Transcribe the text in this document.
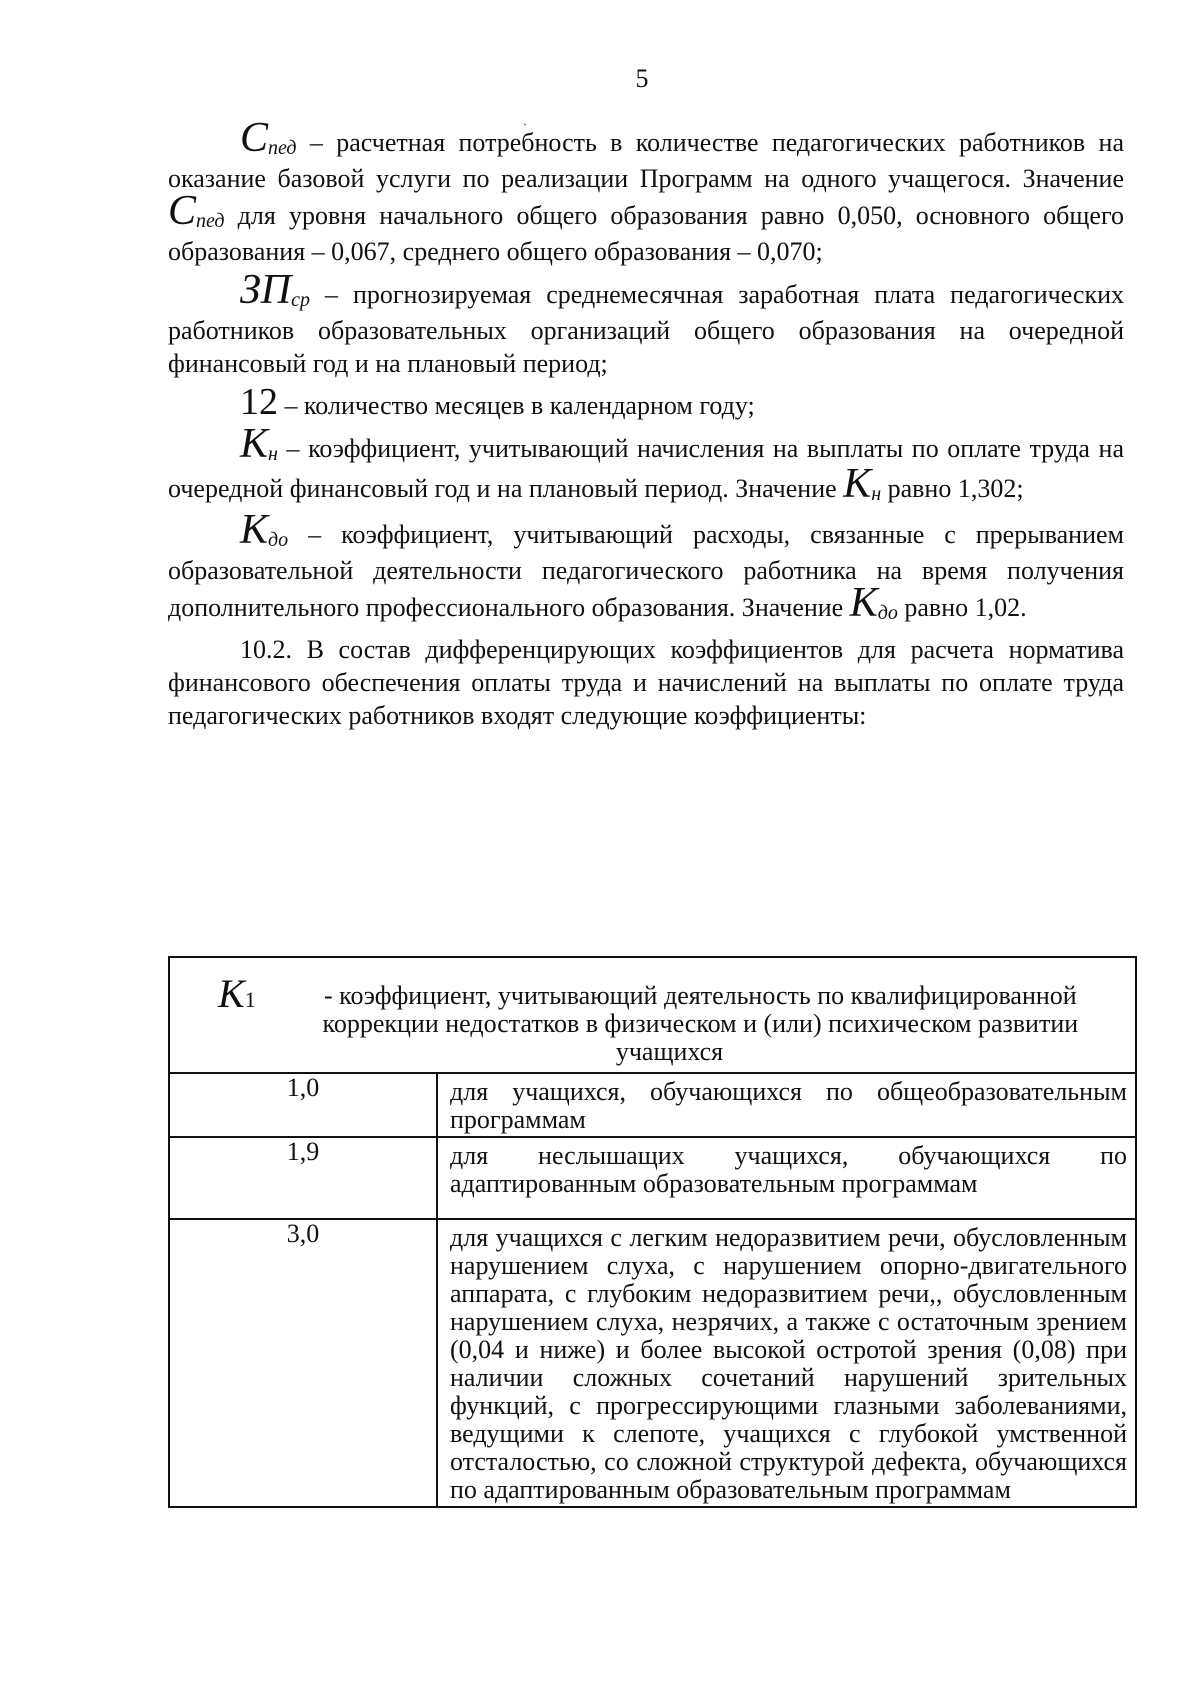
5
ˎ

Cпед – расчетная потребность в количестве педагогических работников на оказание базовой услуги по реализации Программ на одного учащегося. Значение Cпед для уровня начального общего образования равно 0,050, основного общего образования – 0,067, среднего общего образования – 0,070;

ЗПср – прогнозируемая среднемесячная заработная плата педагогических работников образовательных организаций общего образования на очередной финансовый год и на плановый период;

12 – количество месяцев в календарном году;

Kн – коэффициент, учитывающий начисления на выплаты по оплате труда на очередной финансовый год и на плановый период. Значение Kн равно 1,302;

Kдо – коэффициент, учитывающий расходы, связанные с прерыванием образовательной деятельности педагогического работника на время получения дополнительного профессионального образования. Значение Kдо равно 1,02.

10.2. В состав дифференцирующих коэффициентов для расчета норматива финансового обеспечения оплаты труда и начислений на выплаты по оплате труда педагогических работников входят следующие коэффициенты:

K1 - коэффициент, учитывающий деятельность по квалифицированной коррекции недостатков в физическом и (или) психическом развитии учащихся	

1,0	для учащихся, обучающихся по общеобразовательным программам
1,9	для неслышащих учащихся, обучающихся по адаптированным образовательным программам
3,0	для учащихся с легким недоразвитием речи, обусловленным нарушением слуха, с нарушением опорно-двигательного аппарата, с глубоким недоразвитием речи,, обусловленным нарушением слуха, незрячих, а также с остаточным зрением (0,04 и ниже) и более высокой остротой зрения (0,08) при наличии сложных сочетаний нарушений зрительных функций, с прогрессирующими глазными заболеваниями, ведущими к слепоте, учащихся с глубокой умственной отсталостью, со сложной структурой дефекта, обучающихся по адаптированным образовательным программам
